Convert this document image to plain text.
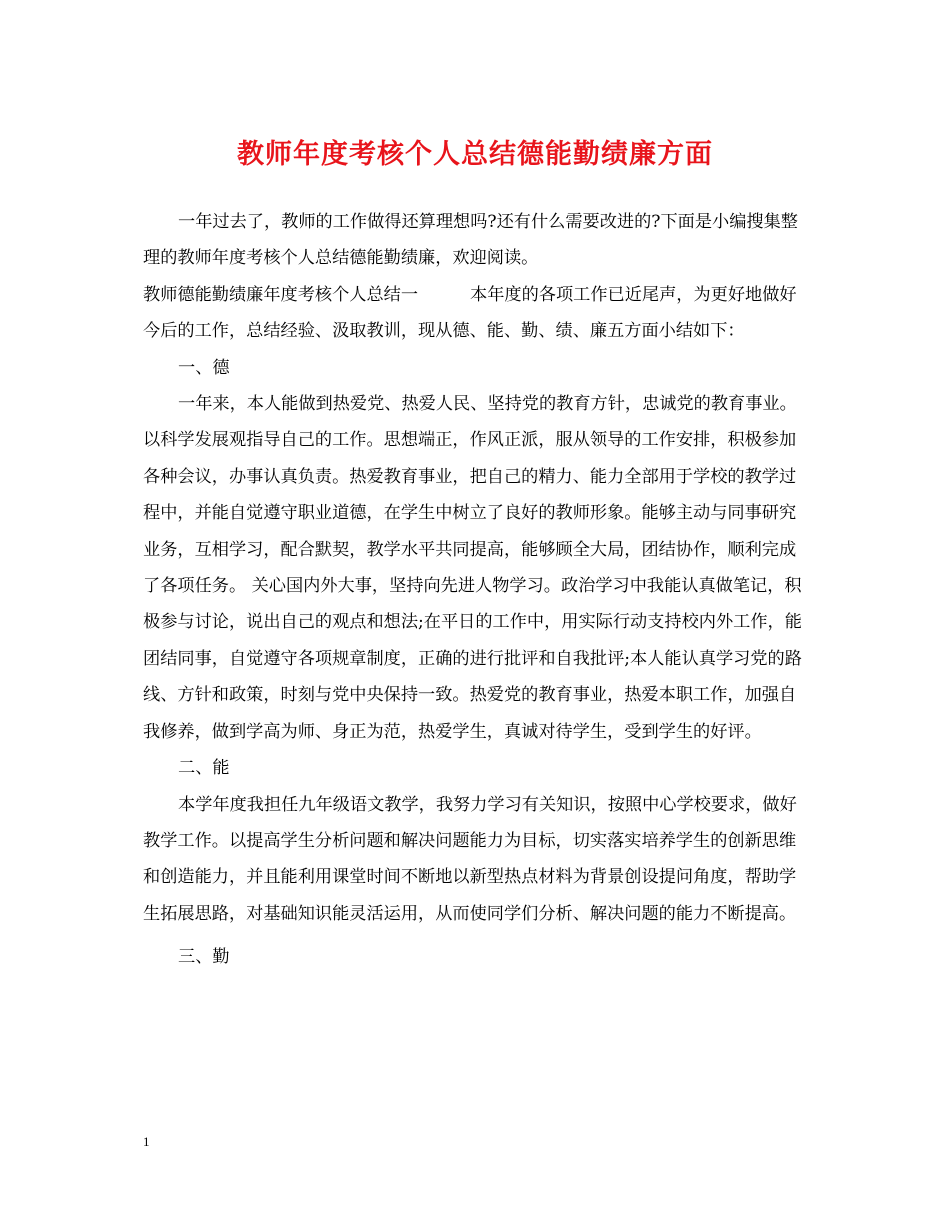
教师年度考核个人总结德能勤绩廉方面

一年过去了，教师的工作做得还算理想吗?还有什么需要改进的?下面是小编搜集整理的教师年度考核个人总结德能勤绩廉，欢迎阅读。

教师德能勤绩廉年度考核个人总结一	本年度的各项工作已近尾声，为更好地做好今后的工作，总结经验、汲取教训，现从德、能、勤、绩、廉五方面小结如下：

一、德

一年来，本人能做到热爱党、热爱人民、坚持党的教育方针，忠诚党的教育事业。以科学发展观指导自己的工作。思想端正，作风正派，服从领导的工作安排，积极参加各种会议，办事认真负责。热爱教育事业，把自己的精力、能力全部用于学校的教学过程中，并能自觉遵守职业道德，在学生中树立了良好的教师形象。能够主动与同事研究业务，互相学习，配合默契，教学水平共同提高，能够顾全大局，团结协作，顺利完成了各项任务。 关心国内外大事，坚持向先进人物学习。政治学习中我能认真做笔记，积极参与讨论，说出自己的观点和想法;在平日的工作中，用实际行动支持校内外工作，能团结同事，自觉遵守各项规章制度，正确的进行批评和自我批评;本人能认真学习党的路线、方针和政策，时刻与党中央保持一致。热爱党的教育事业，热爱本职工作，加强自我修养，做到学高为师、身正为范，热爱学生，真诚对待学生，受到学生的好评。

二、能

本学年度我担任九年级语文教学，我努力学习有关知识，按照中心学校要求，做好教学工作。以提高学生分析问题和解决问题能力为目标，切实落实培养学生的创新思维和创造能力，并且能利用课堂时间不断地以新型热点材料为背景创设提问角度，帮助学生拓展思路，对基础知识能灵活运用，从而使同学们分析、解决问题的能力不断提高。

三、勤

1
